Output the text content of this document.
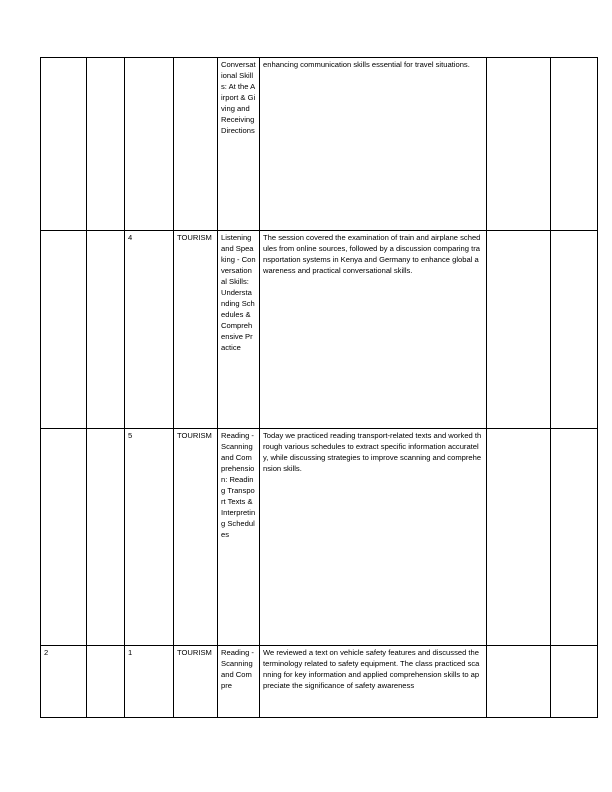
				Conversational Skills: At the Airport & Giving and Receiving Directions	enhancing communication skills essential for travel situations.		
		4	TOURISM	Listening and Speaking - Conversational Skills: Understanding Schedules & Comprehensive Practice	The session covered the examination of train and airplane schedules from online sources, followed by a discussion comparing transportation systems in Kenya and Germany to enhance global awareness and practical conversational skills.		
		5	TOURISM	Reading - Scanning and Comprehension: Reading Transport Texts & Interpreting Schedules	Today we practiced reading transport-related texts and worked through various schedules to extract specific information accurately, while discussing strategies to improve scanning and comprehension skills.		
2		1	TOURISM	Reading - Scanning and Compre	We reviewed a text on vehicle safety features and discussed the terminology related to safety equipment. The class practiced scanning for key information and applied comprehension skills to appreciate the significance of safety awareness		
